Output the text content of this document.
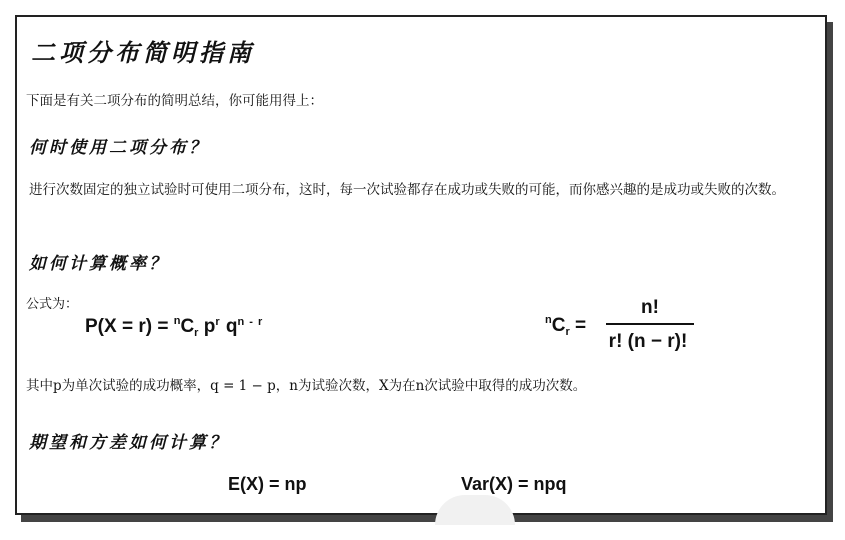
二项分布简明指南
下面是有关二项分布的简明总结，你可能用得上：
何时使用二项分布？
进行次数固定的独立试验时可使用二项分布，这时，每一次试验都存在成功或失败的可能，而你感兴趣的是成功或失败的次数。
如何计算概率？
公式为：
$P(X = r) = ^nC_r$ $p^r$ $q^{n - r}$	$^nC_r$ =
n!
r! (n − r)!
其中p为单次试验的成功概率，q = 1 − p，n为试验次数，X为在n次试验中取得的成功次数。
期望和方差如何计算？
E(X) = np	Var(X) = npq
